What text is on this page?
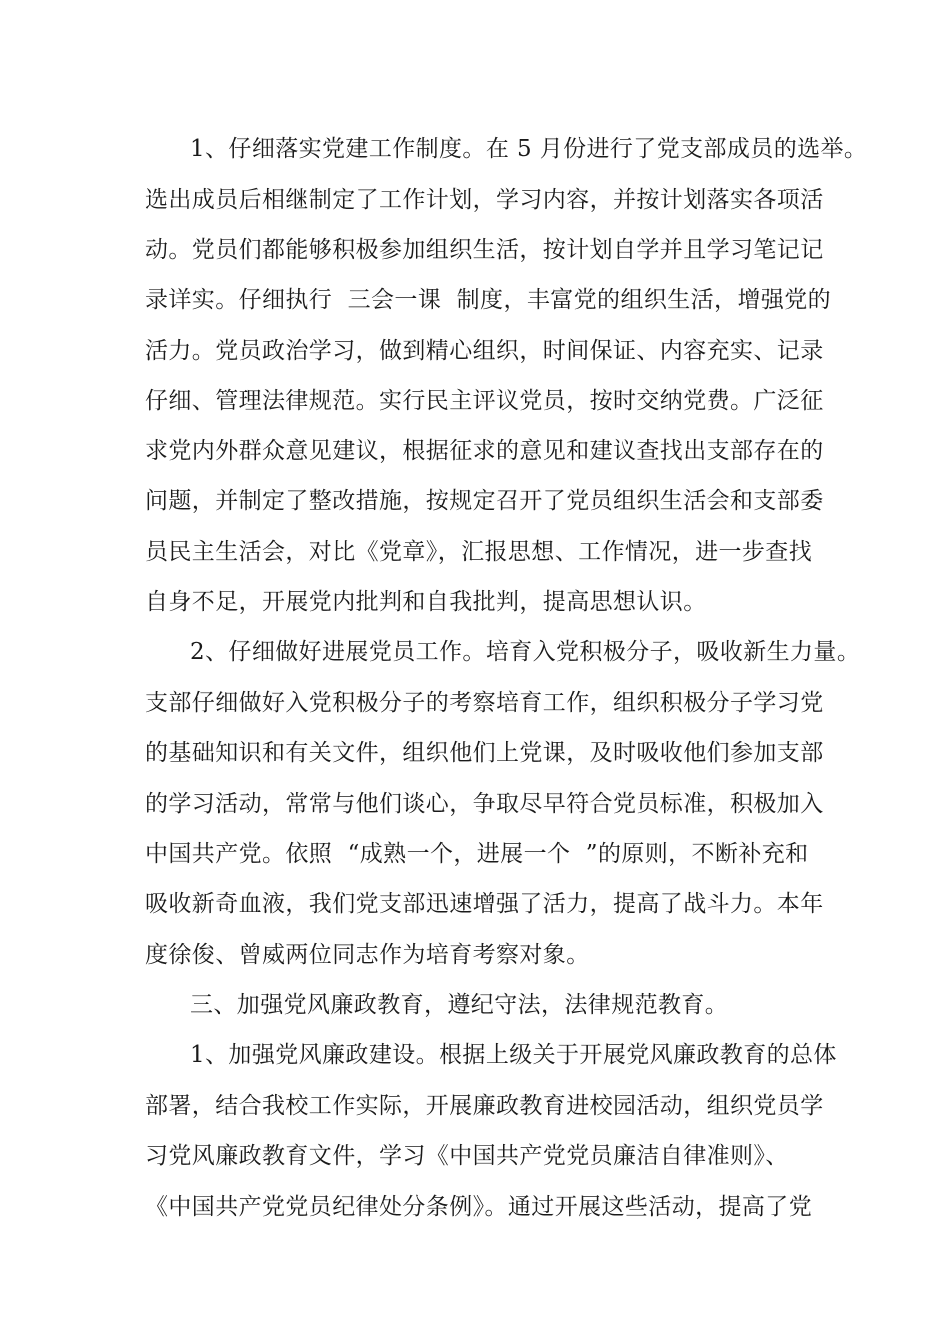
1、仔细落实党建工作制度。在 5 月份进行了党支部成员的选举。
选出成员后相继制定了工作计划，学习内容，并按计划落实各项活
动。党员们都能够积极参加组织生活，按计划自学并且学习笔记记
录详实。仔细执行  三会一课  制度，丰富党的组织生活，增强党的
活力。党员政治学习，做到精心组织，时间保证、内容充实、记录
仔细、管理法律规范。实行民主评议党员，按时交纳党费。广泛征
求党内外群众意见建议，根据征求的意见和建议查找出支部存在的
问题，并制定了整改措施，按规定召开了党员组织生活会和支部委
员民主生活会，对比《党章》，汇报思想、工作情况，进一步查找
自身不足，开展党内批判和自我批判，提高思想认识。
2、仔细做好进展党员工作。培育入党积极分子，吸收新生力量。
支部仔细做好入党积极分子的考察培育工作，组织积极分子学习党
的基础知识和有关文件，组织他们上党课，及时吸收他们参加支部
的学习活动，常常与他们谈心，争取尽早符合党员标准，积极加入
中国共产党。依照  “成熟一个，进展一个  ”的原则，不断补充和
吸收新奇血液，我们党支部迅速增强了活力，提高了战斗力。本年
度徐俊、曾威两位同志作为培育考察对象。
三、加强党风廉政教育，遵纪守法，法律规范教育。
1、加强党风廉政建设。根据上级关于开展党风廉政教育的总体
部署，结合我校工作实际，开展廉政教育进校园活动，组织党员学
习党风廉政教育文件，学习《中国共产党党员廉洁自律准则》、
《中国共产党党员纪律处分条例》。通过开展这些活动，提高了党
